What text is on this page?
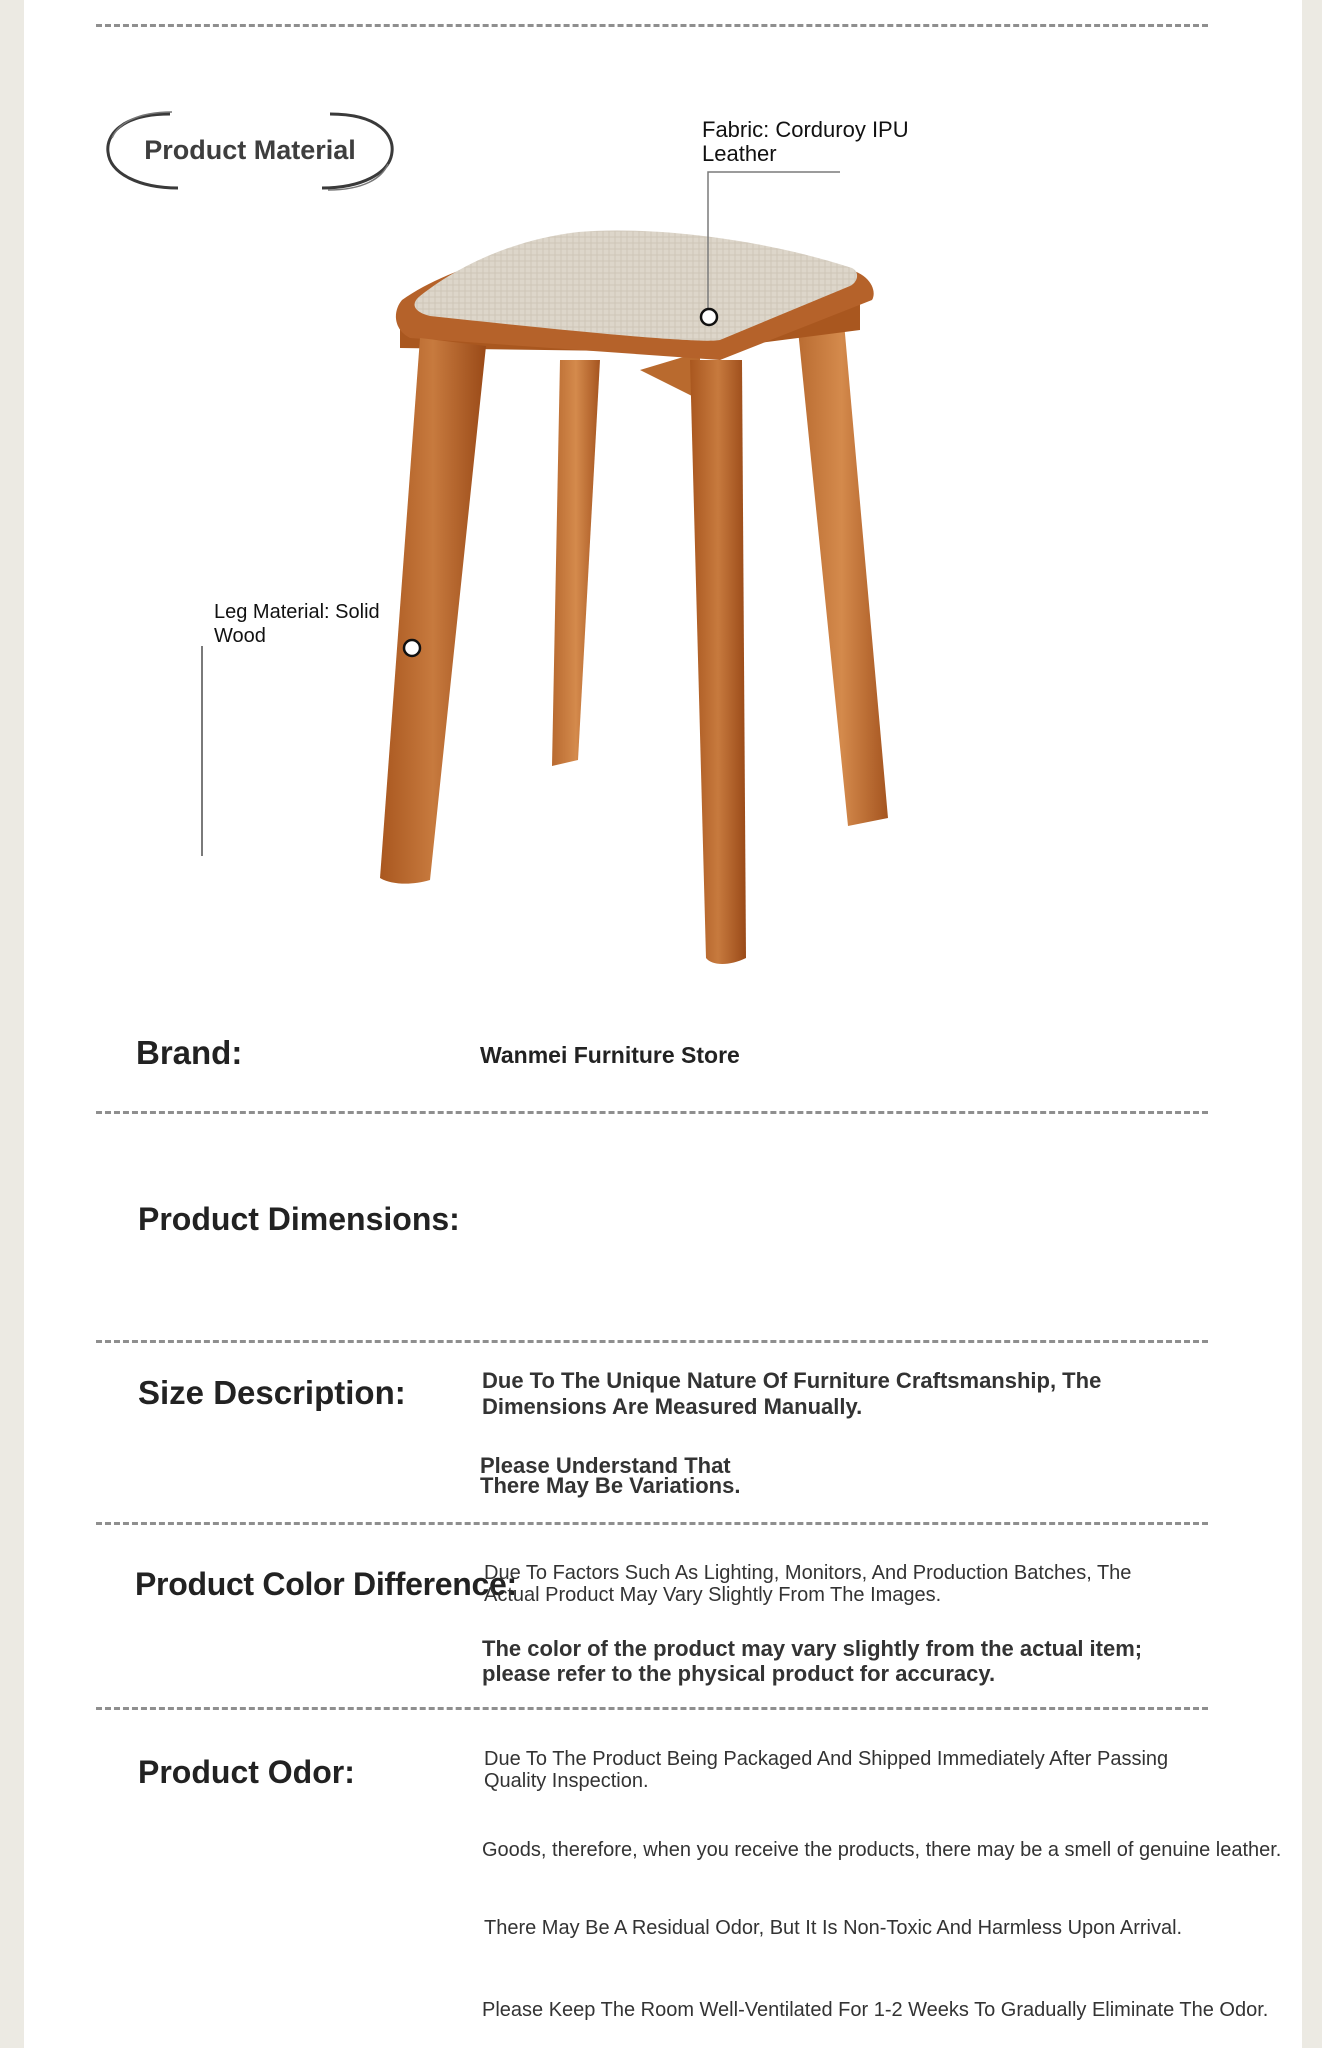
Product Material
Fabric: Corduroy IPU Leather
Leg Material: Solid Wood
Brand:	Wanmei Furniture Store
Product Dimensions:
Size Description:	Due To The Unique Nature Of Furniture Craftsmanship, The Dimensions Are Measured Manually.
Please Understand That There May Be Variations.
Product Color Difference:
Due To Factors Such As Lighting, Monitors, And Production Batches, The Actual Product May Vary Slightly From The Images.
The color of the product may vary slightly from the actual item; please refer to the physical product for accuracy.
Product Odor:	Due To The Product Being Packaged And Shipped Immediately After Passing Quality Inspection.
Goods, therefore, when you receive the products, there may be a smell of genuine leather.
There May Be A Residual Odor, But It Is Non-Toxic And Harmless Upon Arrival.
Please Keep The Room Well-Ventilated For 1-2 Weeks To Gradually Eliminate The Odor.
